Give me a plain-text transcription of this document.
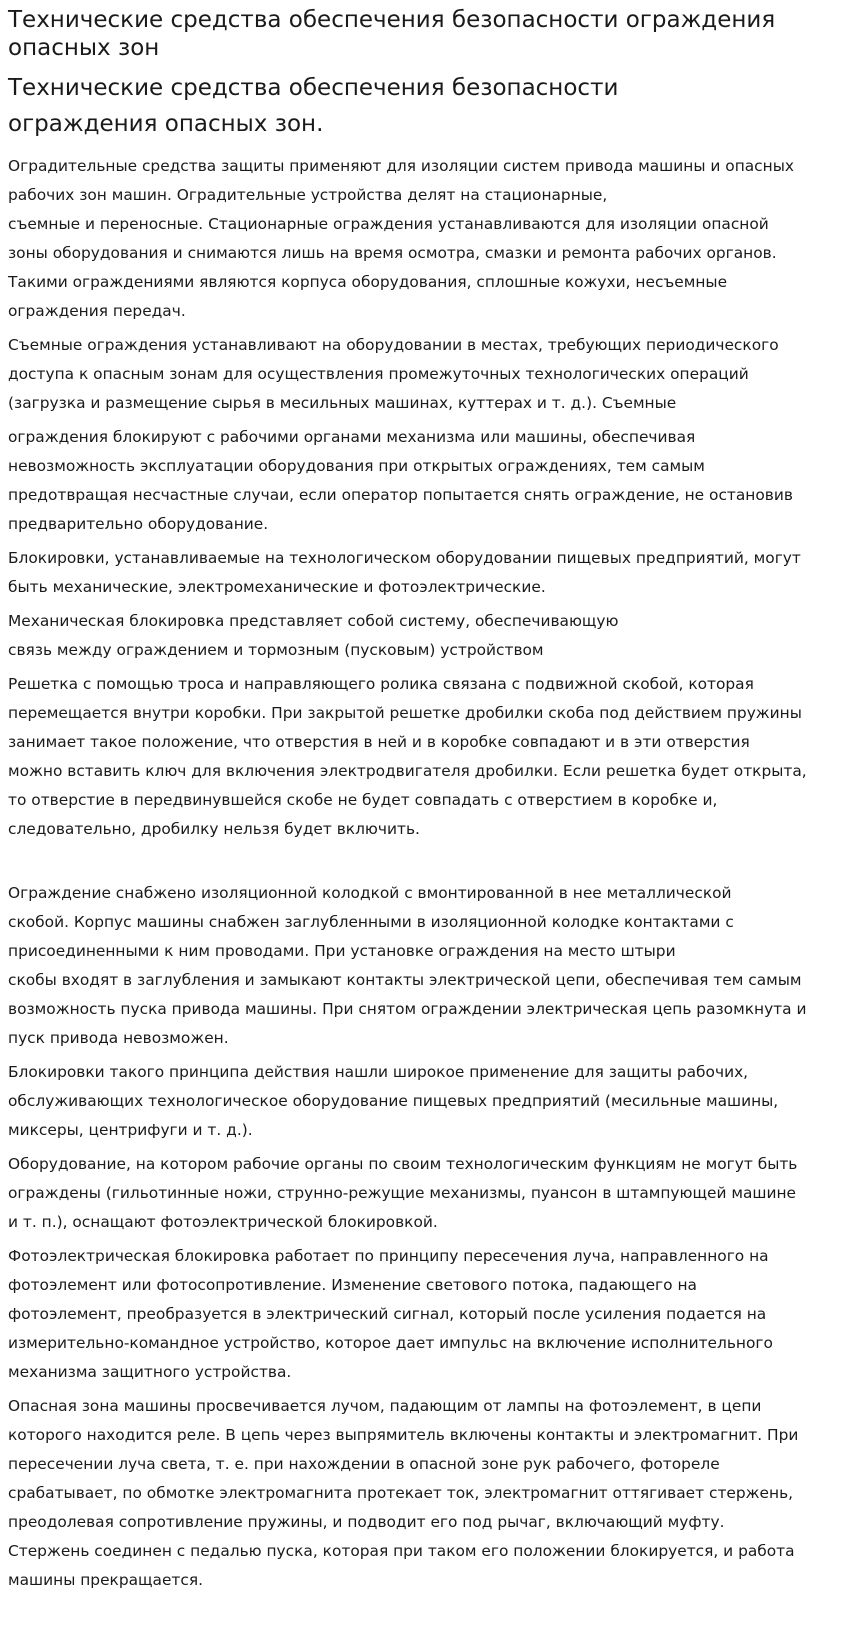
Технические средства обеспечения безопасности ограждения опасных зон
Технические средства обеспечения безопасности
ограждения опасных зон.

Оградительные средства защиты применяют для изоляции систем привода машины и опасных
рабочих зон машин. Оградительные устройства делят на стационарные,
съемные и переносные. Стационарные ограждения устанавливаются для изоляции опасной
зоны оборудования и снимаются лишь на время осмотра, смазки и ремонта рабочих органов.
Такими ограждениями являются корпуса оборудования, сплошные кожухи, несъемные
ограждения передач.

Съемные ограждения устанавливают на оборудовании в местах, требующих периодического
доступа к опасным зонам для осуществления промежуточных технологических операций
(загрузка и размещение сырья в месильных машинах, куттерах и т. д.). Съемные

ограждения блокируют с рабочими органами механизма или машины, обеспечивая
невозможность эксплуатации оборудования при открытых ограждениях, тем самым
предотвращая несчастные случаи, если оператор попытается снять ограждение, не остановив
предварительно оборудование.

Блокировки, устанавливаемые на технологическом оборудовании пищевых предприятий, могут
быть механические, электромеханические и фотоэлектрические.

Механическая блокировка представляет собой систему, обеспечивающую
связь между ограждением и тормозным (пусковым) устройством

Решетка с помощью троса и направляющего ролика связана с подвижной скобой, которая
перемещается внутри коробки. При закрытой решетке дробилки скоба под действием пружины
занимает такое положение, что отверстия в ней и в коробке совпадают и в эти отверстия
можно вставить ключ для включения электродвигателя дробилки. Если решетка будет открыта,
то отверстие в передвинувшейся скобе не будет совпадать с отверстием в коробке и,
следовательно, дробилку нельзя будет включить.

Ограждение снабжено изоляционной колодкой с вмонтированной в нее металлической
скобой. Корпус машины снабжен заглубленными в изоляционной колодке контактами с
присоединенными к ним проводами. При установке ограждения на место штыри
скобы входят в заглубления и замыкают контакты электрической цепи, обеспечивая тем самым
возможность пуска привода машины. При снятом ограждении электрическая цепь разомкнута и
пуск привода невозможен.

Блокировки такого принципа действия нашли широкое применение для защиты рабочих,
обслуживающих технологическое оборудование пищевых предприятий (месильные машины,
миксеры, центрифуги и т. д.).

Оборудование, на котором рабочие органы по своим технологическим функциям не могут быть
ограждены (гильотинные ножи, струнно-режущие механизмы, пуансон в штампующей машине
и т. п.), оснащают фотоэлектрической блокировкой.

Фотоэлектрическая блокировка работает по принципу пересечения луча, направленного на
фотоэлемент или фотосопротивление. Изменение светового потока, падающего на
фотоэлемент, преобразуется в электрический сигнал, который после усиления подается на
измерительно-командное устройство, которое дает импульс на включение исполнительного
механизма защитного устройства.

Опасная зона машины просвечивается лучом, падающим от лампы на фотоэлемент, в цепи
которого находится реле. В цепь через выпрямитель включены контакты и электромагнит. При
пересечении луча света, т. е. при нахождении в опасной зоне рук рабочего, фотореле
срабатывает, по обмотке электромагнита протекает ток, электромагнит оттягивает стержень,
преодолевая сопротивление пружины, и подводит его под рычаг, включающий муфту.
Стержень соединен с педалью пуска, которая при таком его положении блокируется, и работа
машины прекращается.
